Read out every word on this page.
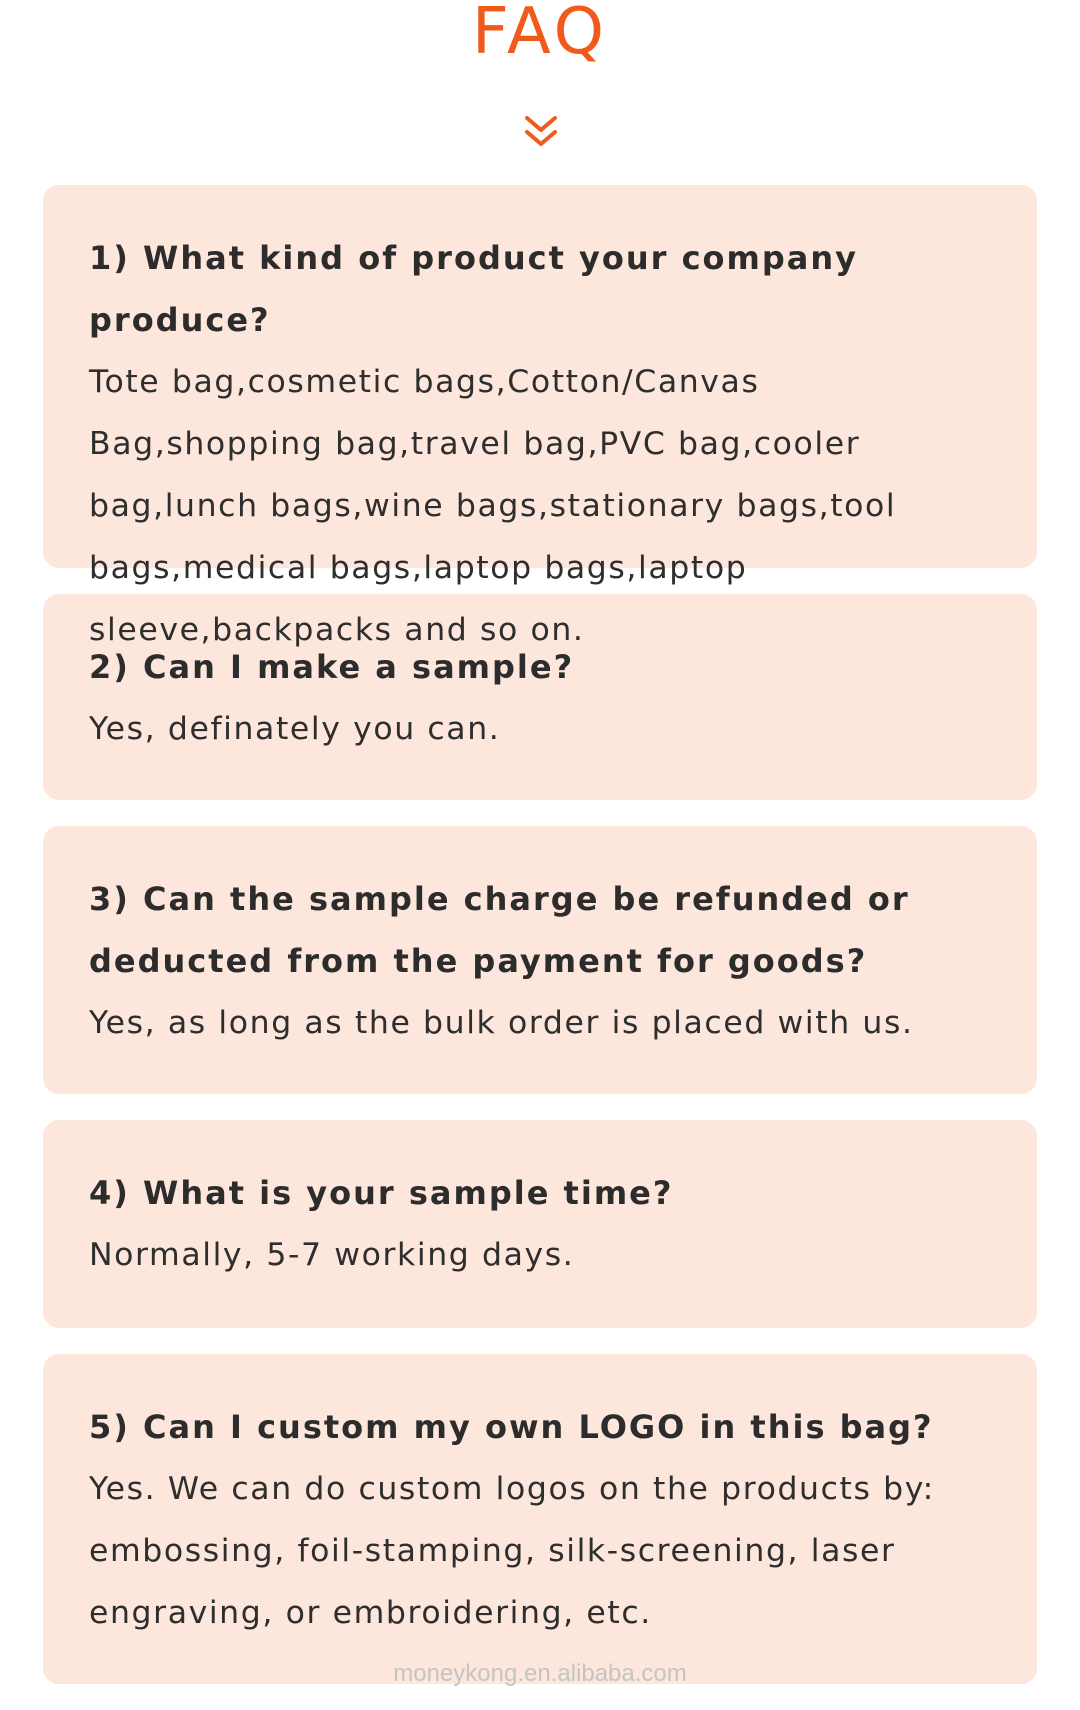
FAQ

1) What kind of product your company produce?

Tote bag,cosmetic bags,Cotton/Canvas Bag,shopping bag,travel bag,PVC bag,cooler bag,lunch bags,wine bags,stationary bags,tool bags,medical bags,laptop bags,laptop sleeve,backpacks and so on.

2) Can I make a sample?

Yes, definately you can.

3) Can the sample charge be refunded or deducted from the payment for goods?

Yes, as long as the bulk order is placed with us.

4) What is your sample time?

Normally, 5-7 working days.

5) Can I custom my own LOGO in this bag?

Yes. We can do custom logos on the products by: embossing, foil-stamping, silk-screening, laser engraving, or embroidering, etc.

moneykong.en.alibaba.com
